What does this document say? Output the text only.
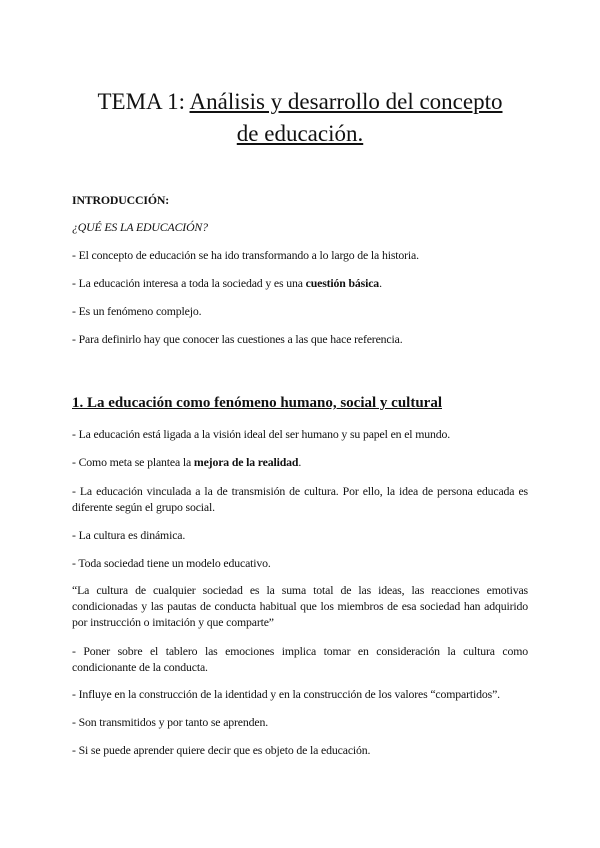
TEMA 1: Análisis y desarrollo del concepto
de educación.

INTRODUCCIÓN:

¿QUÉ ES LA EDUCACIÓN?

- El concepto de educación se ha ido transformando a lo largo de la historia.

- La educación interesa a toda la sociedad y es una cuestión básica.

- Es un fenómeno complejo.

- Para definirlo hay que conocer las cuestiones a las que hace referencia.

1. La educación como fenómeno humano, social y cultural

- La educación está ligada a la visión ideal del ser humano y su papel en el mundo.

- Como meta se plantea la mejora de la realidad.

- La educación vinculada a la de transmisión de cultura. Por ello, la idea de persona educada es diferente según el grupo social.

- La cultura es dinámica.

- Toda sociedad tiene un modelo educativo.

“La cultura de cualquier sociedad es la suma total de las ideas, las reacciones emotivas condicionadas y las pautas de conducta habitual que los miembros de esa sociedad han adquirido por instrucción o imitación y que comparte”

- Poner sobre el tablero las emociones implica tomar en consideración la cultura como condicionante de la conducta.

- Influye en la construcción de la identidad y en la construcción de los valores “compartidos”.

- Son transmitidos y por tanto se aprenden.

- Si se puede aprender quiere decir que es objeto de la educación.
